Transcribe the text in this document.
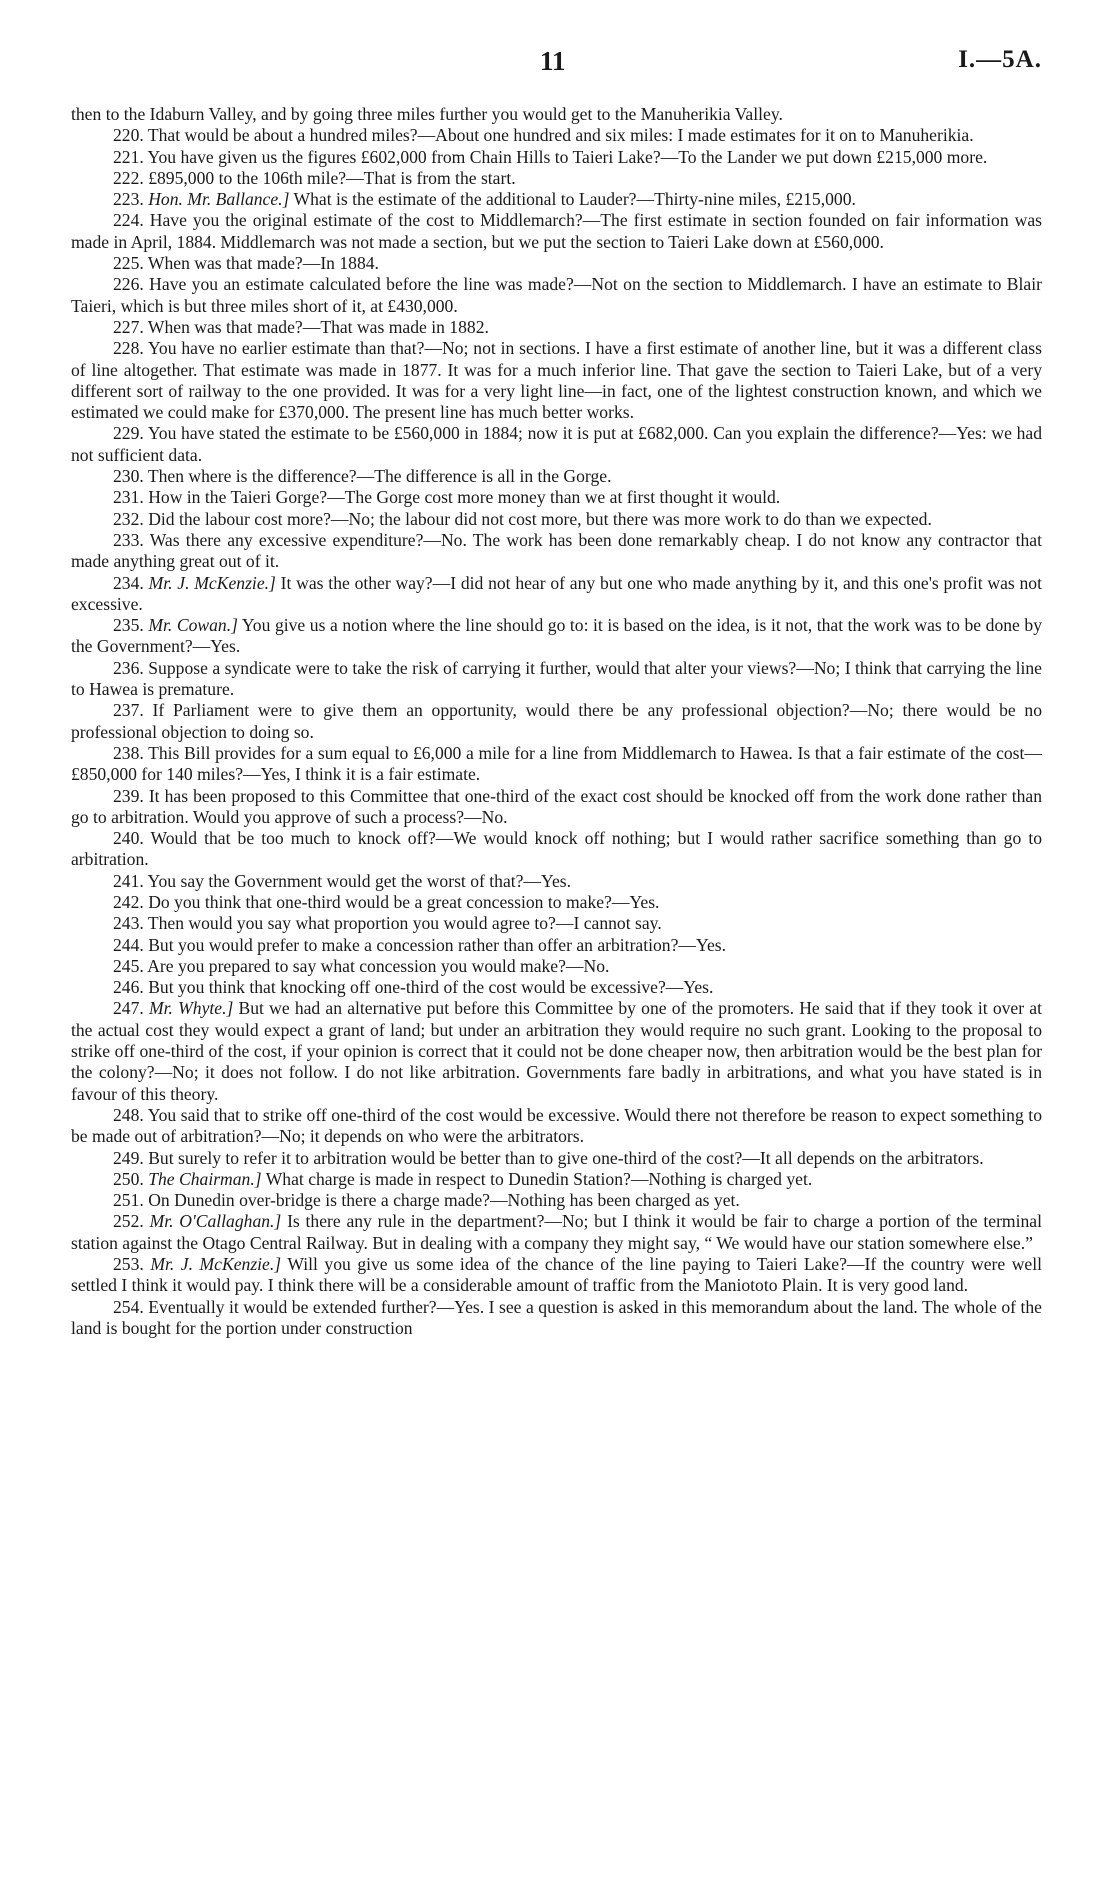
11	I.—5A.

then to the Idaburn Valley, and by going three miles further you would get to the Manuherikia Valley.

220. That would be about a hundred miles?—About one hundred and six miles: I made estimates for it on to Manuherikia.

221. You have given us the figures £602,000 from Chain Hills to Taieri Lake?—To the Lander we put down £215,000 more.

222. £895,000 to the 106th mile?—That is from the start.

223. Hon. Mr. Ballance.] What is the estimate of the additional to Lauder?—Thirty-nine miles, £215,000.

224. Have you the original estimate of the cost to Middlemarch?—The first estimate in section founded on fair information was made in April, 1884. Middlemarch was not made a section, but we put the section to Taieri Lake down at £560,000.

225. When was that made?—In 1884.

226. Have you an estimate calculated before the line was made?—Not on the section to Middlemarch. I have an estimate to Blair Taieri, which is but three miles short of it, at £430,000.

227. When was that made?—That was made in 1882.

228. You have no earlier estimate than that?—No; not in sections. I have a first estimate of another line, but it was a different class of line altogether. That estimate was made in 1877. It was for a much inferior line. That gave the section to Taieri Lake, but of a very different sort of railway to the one provided. It was for a very light line—in fact, one of the lightest construction known, and which we estimated we could make for £370,000. The present line has much better works.

229. You have stated the estimate to be £560,000 in 1884; now it is put at £682,000. Can you explain the difference?—Yes: we had not sufficient data.

230. Then where is the difference?—The difference is all in the Gorge.

231. How in the Taieri Gorge?—The Gorge cost more money than we at first thought it would.

232. Did the labour cost more?—No; the labour did not cost more, but there was more work to do than we expected.

233. Was there any excessive expenditure?—No. The work has been done remarkably cheap. I do not know any contractor that made anything great out of it.

234. Mr. J. McKenzie.] It was the other way?—I did not hear of any but one who made anything by it, and this one's profit was not excessive.

235. Mr. Cowan.] You give us a notion where the line should go to: it is based on the idea, is it not, that the work was to be done by the Government?—Yes.

236. Suppose a syndicate were to take the risk of carrying it further, would that alter your views?—No; I think that carrying the line to Hawea is premature.

237. If Parliament were to give them an opportunity, would there be any professional objection?—No; there would be no professional objection to doing so.

238. This Bill provides for a sum equal to £6,000 a mile for a line from Middlemarch to Hawea. Is that a fair estimate of the cost—£850,000 for 140 miles?—Yes, I think it is a fair estimate.

239. It has been proposed to this Committee that one-third of the exact cost should be knocked off from the work done rather than go to arbitration. Would you approve of such a process?—No.

240. Would that be too much to knock off?—We would knock off nothing; but I would rather sacrifice something than go to arbitration.

241. You say the Government would get the worst of that?—Yes.

242. Do you think that one-third would be a great concession to make?—Yes.

243. Then would you say what proportion you would agree to?—I cannot say.

244. But you would prefer to make a concession rather than offer an arbitration?—Yes.

245. Are you prepared to say what concession you would make?—No.

246. But you think that knocking off one-third of the cost would be excessive?—Yes.

247. Mr. Whyte.] But we had an alternative put before this Committee by one of the promoters. He said that if they took it over at the actual cost they would expect a grant of land; but under an arbitration they would require no such grant. Looking to the proposal to strike off one-third of the cost, if your opinion is correct that it could not be done cheaper now, then arbitration would be the best plan for the colony?—No; it does not follow. I do not like arbitration. Governments fare badly in arbitrations, and what you have stated is in favour of this theory.

248. You said that to strike off one-third of the cost would be excessive. Would there not therefore be reason to expect something to be made out of arbitration?—No; it depends on who were the arbitrators.

249. But surely to refer it to arbitration would be better than to give one-third of the cost?—It all depends on the arbitrators.

250. The Chairman.] What charge is made in respect to Dunedin Station?—Nothing is charged yet.

251. On Dunedin over-bridge is there a charge made?—Nothing has been charged as yet.

252. Mr. O'Callaghan.] Is there any rule in the department?—No; but I think it would be fair to charge a portion of the terminal station against the Otago Central Railway. But in dealing with a company they might say, “ We would have our station somewhere else.”

253. Mr. J. McKenzie.] Will you give us some idea of the chance of the line paying to Taieri Lake?—If the country were well settled I think it would pay. I think there will be a considerable amount of traffic from the Maniototo Plain. It is very good land.

254. Eventually it would be extended further?—Yes. I see a question is asked in this memorandum about the land. The whole of the land is bought for the portion under construction
